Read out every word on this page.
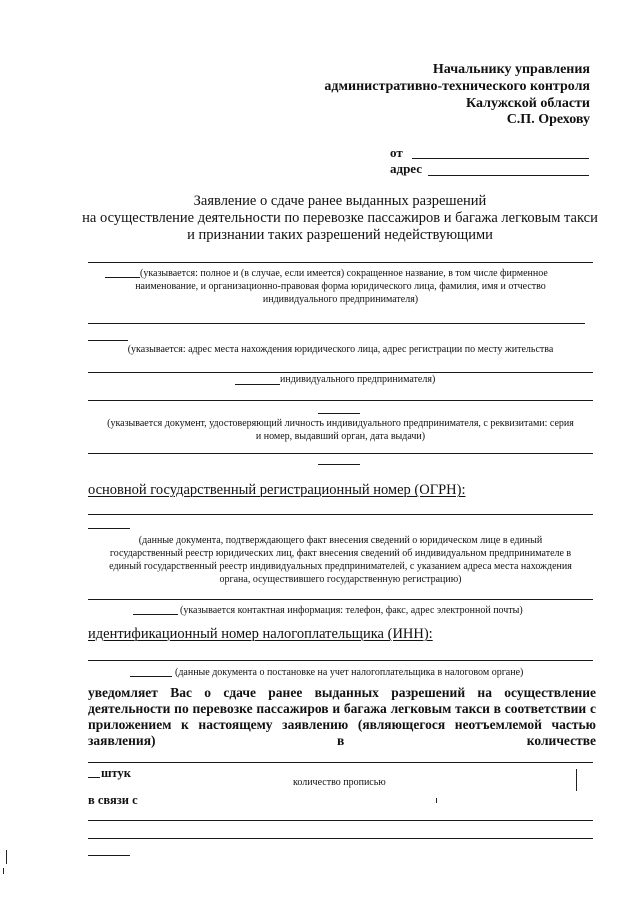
Начальнику управления
административно-технического контроля
Калужской области
С.П. Орехову
от
адрес
Заявление о сдаче ранее выданных разрешений
на осуществление деятельности по перевозке пассажиров и багажа легковым такси
и признании таких разрешений недействующими
(указывается: полное и (в случае, если имеется) сокращенное название, в том числе фирменное
наименование, и организационно-правовая форма юридического лица, фамилия, имя и отчество
индивидуального предпринимателя)
(указывается: адрес места нахождения юридического лица, адрес регистрации по месту жительства
индивидуального предпринимателя)
(указывается документ, удостоверяющий личность индивидуального предпринимателя, с реквизитами: серия
и номер, выдавший орган, дата выдачи)
основной государственный регистрационный номер (ОГРН):
(данные документа, подтверждающего факт внесения сведений о юридическом лице в единый
государственный реестр юридических лиц, факт внесения сведений об индивидуальном предпринимателе в
единый государственный реестр индивидуальных предпринимателей, с указанием адреса места нахождения
органа, осуществившего государственную регистрацию)
(указывается контактная информация: телефон, факс, адрес электронной почты)
идентификационный номер налогоплательщика (ИНН):
(данные документа о постановке на учет налогоплательщика в налоговом органе)
уведомляет Вас о сдаче ранее выданных разрешений на осуществление
деятельности по перевозке пассажиров и багажа легковым такси в соответствии с
приложением к настоящему заявлению (являющегося неотъемлемой частью
заявления)	в	количестве
штук
количество прописью
в связи с
